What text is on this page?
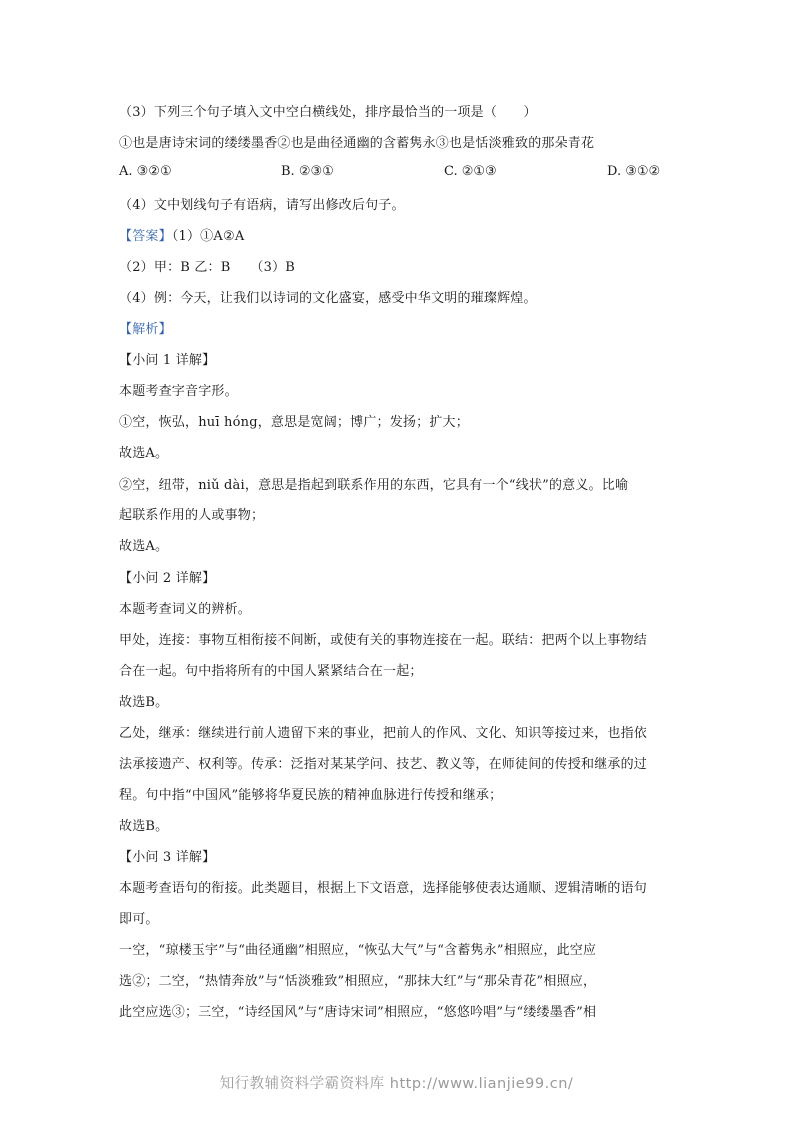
（3）下列三个句子填入文中空白横线处，排序最恰当的一项是（　　）
①也是唐诗宋词的缕缕墨香②也是曲径通幽的含蓄隽永③也是恬淡雅致的那朵青花
A. ③②①	B. ②③①	C. ②①③	D. ③①②
（4）文中划线句子有语病，请写出修改后句子。
【答案】（1）①A②A
（2）甲：B 乙：B　　（3）B
（4）例：今天，让我们以诗词的文化盛宴，感受中华文明的璀璨辉煌。
【解析】
【小问 1 详解】
本题考查字音字形。
①空，恢弘，huī hóng，意思是宽阔；博广；发扬；扩大；
故选A。
②空，纽带，niǔ dài，意思是指起到联系作用的东西，它具有一个“线状”的意义。比喻
起联系作用的人或事物；
故选A。
【小问 2 详解】
本题考查词义的辨析。
甲处，连接：事物互相衔接不间断，或使有关的事物连接在一起。联结：把两个以上事物结
合在一起。句中指将所有的中国人紧紧结合在一起；
故选B。
乙处，继承：继续进行前人遗留下来的事业，把前人的作风、文化、知识等接过来，也指依
法承接遗产、权利等。传承：泛指对某某学问、技艺、教义等，在师徒间的传授和继承的过
程。句中指“中国风”能够将华夏民族的精神血脉进行传授和继承；
故选B。
【小问 3 详解】
本题考查语句的衔接。此类题目，根据上下文语意，选择能够使表达通顺、逻辑清晰的语句
即可。
一空，“琼楼玉宇”与“曲径通幽”相照应，“恢弘大气”与“含蓄隽永”相照应，此空应
选②；二空，“热情奔放”与“恬淡雅致”相照应，“那抹大红”与“那朵青花”相照应，
此空应选③；三空，“诗经国风”与“唐诗宋词”相照应，“悠悠吟唱”与“缕缕墨香”相
知行教辅资料学霸资料库 http://www.lianjie99.cn/
